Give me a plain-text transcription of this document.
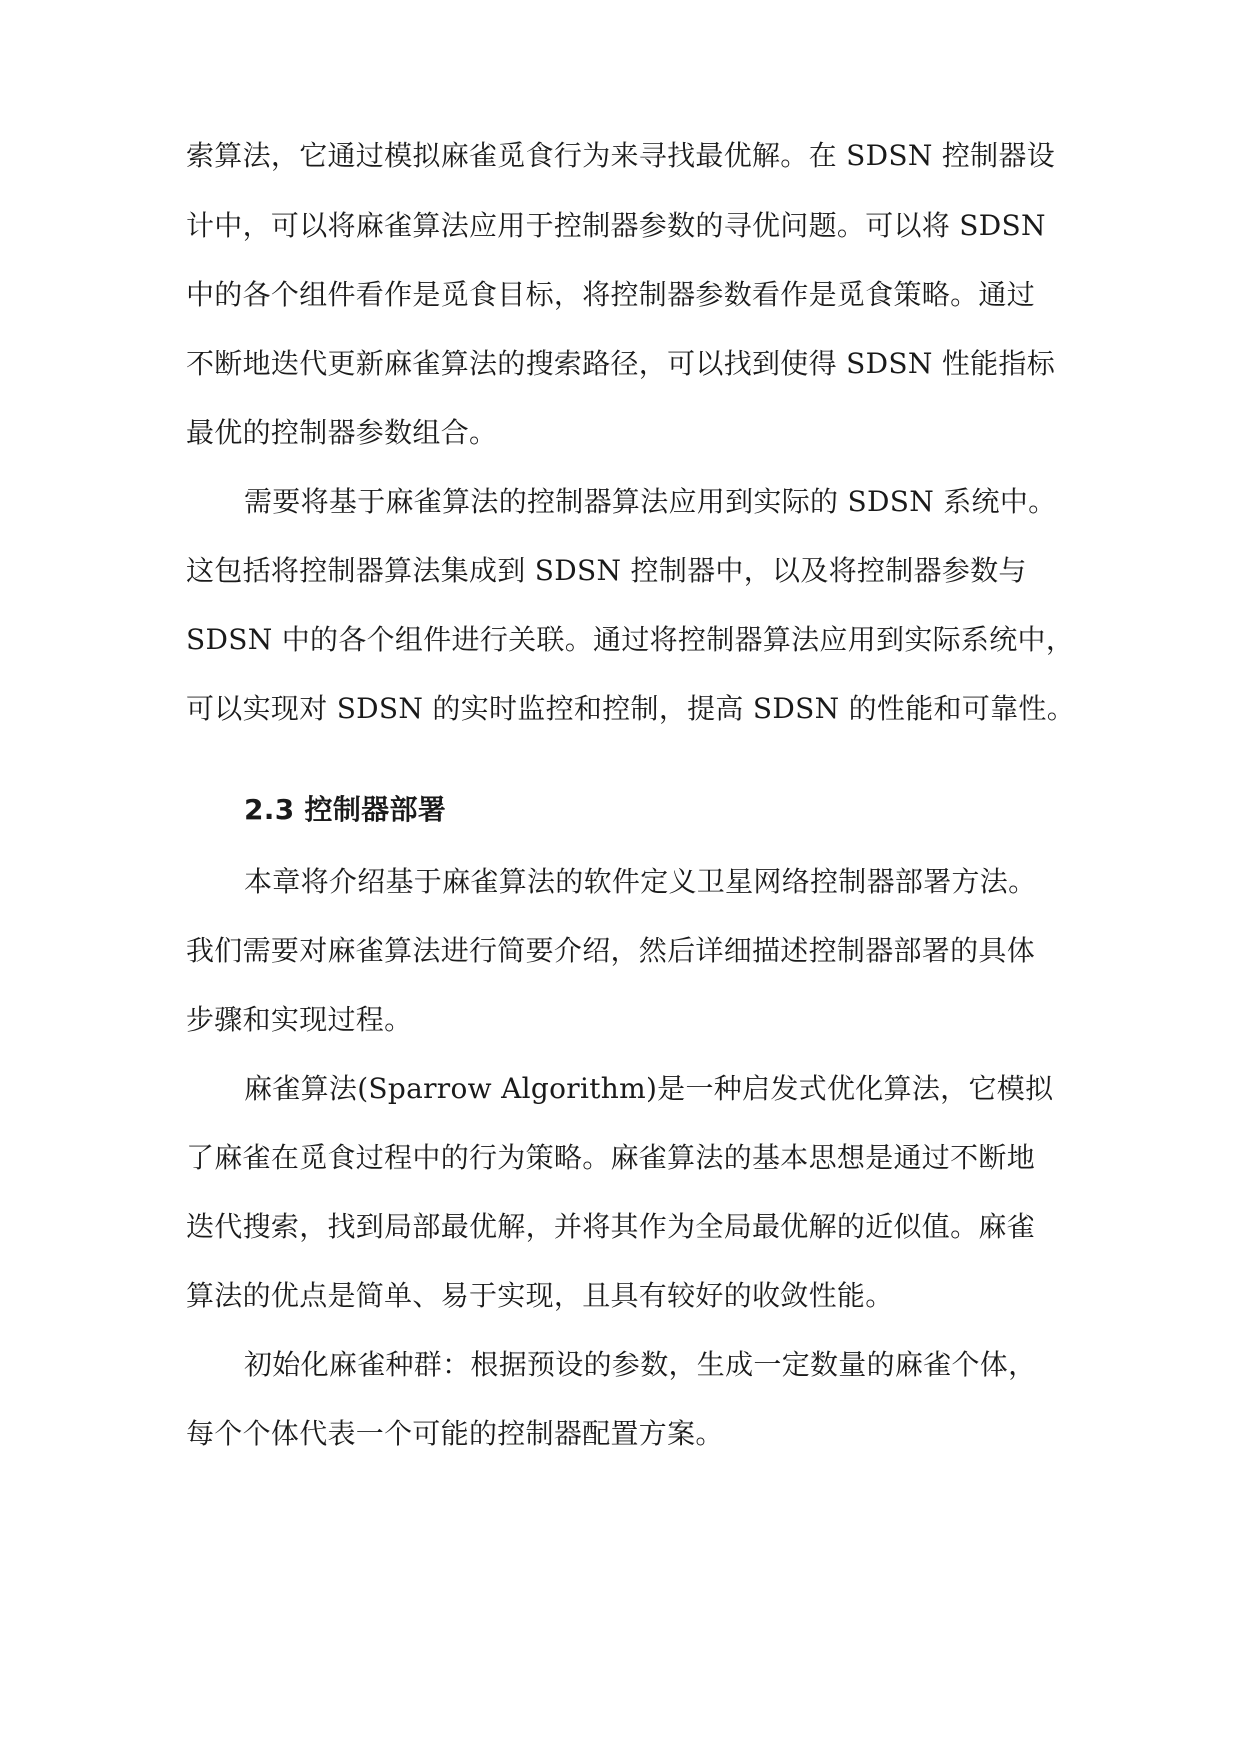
索算法，它通过模拟麻雀觅食行为来寻找最优解。在 SDSN 控制器设
计中，可以将麻雀算法应用于控制器参数的寻优问题。可以将 SDSN
中的各个组件看作是觅食目标，将控制器参数看作是觅食策略。通过
不断地迭代更新麻雀算法的搜索路径，可以找到使得 SDSN 性能指标
最优的控制器参数组合。
需要将基于麻雀算法的控制器算法应用到实际的 SDSN 系统中。
这包括将控制器算法集成到 SDSN 控制器中，以及将控制器参数与
SDSN 中的各个组件进行关联。通过将控制器算法应用到实际系统中，
可以实现对 SDSN 的实时监控和控制，提高 SDSN 的性能和可靠性。
2.3 控制器部署
本章将介绍基于麻雀算法的软件定义卫星网络控制器部署方法。
我们需要对麻雀算法进行简要介绍，然后详细描述控制器部署的具体
步骤和实现过程。
麻雀算法(Sparrow Algorithm)是一种启发式优化算法，它模拟
了麻雀在觅食过程中的行为策略。麻雀算法的基本思想是通过不断地
迭代搜索，找到局部最优解，并将其作为全局最优解的近似值。麻雀
算法的优点是简单、易于实现，且具有较好的收敛性能。
初始化麻雀种群：根据预设的参数，生成一定数量的麻雀个体，
每个个体代表一个可能的控制器配置方案。
